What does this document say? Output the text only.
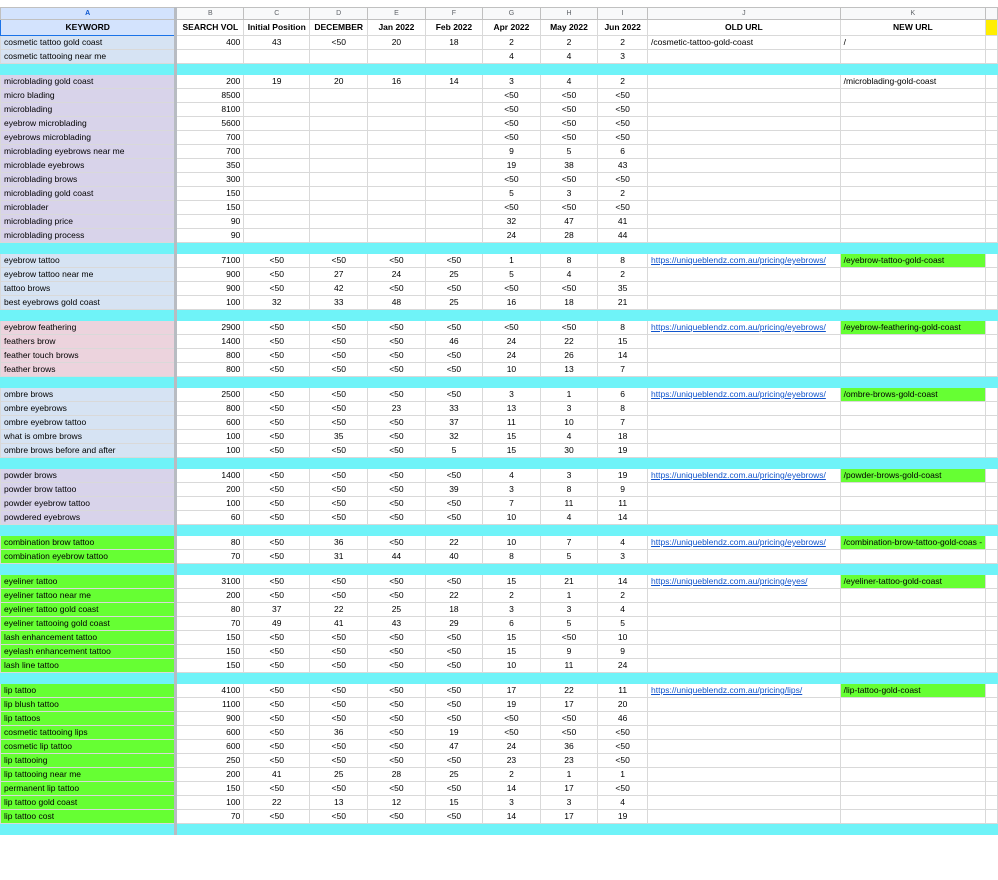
A	B	C	D	E	F	G	H	I	J	K	
KEYWORD	SEARCH VOL	Initial Position	DECEMBER	Jan 2022	Feb 2022	Apr 2022	May 2022	Jun 2022	OLD URL	NEW URL	
cosmetic tattoo gold coast	400	43	<50	20	18	2	2	2	/cosmetic-tattoo-gold-coast	/	
cosmetic tattooing near me						4	4	3			

microblading gold coast	200	19	20	16	14	3	4	2		/microblading-gold-coast	
micro blading	8500					<50	<50	<50			
microblading	8100					<50	<50	<50			
eyebrow microblading	5600					<50	<50	<50			
eyebrows microblading	700					<50	<50	<50			
microblading eyebrows near me	700					9	5	6			
microblade eyebrows	350					19	38	43			
microblading brows	300					<50	<50	<50			
microblading gold coast	150					5	3	2			
microblader	150					<50	<50	<50			
microblading price	90					32	47	41			
microblading process	90					24	28	44			

eyebrow tattoo	7100	<50	<50	<50	<50	1	8	8	https://uniqueblendz.com.au/pricing/eyebrows/	/eyebrow-tattoo-gold-coast	
eyebrow tattoo near me	900	<50	27	24	25	5	4	2			
tattoo brows	900	<50	42	<50	<50	<50	<50	35			
best eyebrows gold coast	100	32	33	48	25	16	18	21			

eyebrow feathering	2900	<50	<50	<50	<50	<50	<50	8	https://uniqueblendz.com.au/pricing/eyebrows/	/eyebrow-feathering-gold-coast	
feathers brow	1400	<50	<50	<50	46	24	22	15			
feather touch brows	800	<50	<50	<50	<50	24	26	14			
feather brows	800	<50	<50	<50	<50	10	13	7			

ombre brows	2500	<50	<50	<50	<50	3	1	6	https://uniqueblendz.com.au/pricing/eyebrows/	/ombre-brows-gold-coast	
ombre eyebrows	800	<50	<50	23	33	13	3	8			
ombre eyebrow tattoo	600	<50	<50	<50	37	11	10	7			
what is ombre brows	100	<50	35	<50	32	15	4	18			
ombre brows before and after	100	<50	<50	<50	5	15	30	19			

powder brows	1400	<50	<50	<50	<50	4	3	19	https://uniqueblendz.com.au/pricing/eyebrows/	/powder-brows-gold-coast	
powder brow tattoo	200	<50	<50	<50	39	3	8	9			
powder eyebrow tattoo	100	<50	<50	<50	<50	7	11	11			
powdered eyebrows	60	<50	<50	<50	<50	10	4	14			

combination brow tattoo	80	<50	36	<50	22	10	7	4	https://uniqueblendz.com.au/pricing/eyebrows/	/combination-brow-tattoo-gold-coas -	
combination eyebrow tattoo	70	<50	31	44	40	8	5	3			

eyeliner tattoo	3100	<50	<50	<50	<50	15	21	14	https://uniqueblendz.com.au/pricing/eyes/	/eyeliner-tattoo-gold-coast	
eyeliner tattoo near me	200	<50	<50	<50	22	2	1	2			
eyeliner tattoo gold coast	80	37	22	25	18	3	3	4			
eyeliner tattooing gold coast	70	49	41	43	29	6	5	5			
lash enhancement tattoo	150	<50	<50	<50	<50	15	<50	10			
eyelash enhancement tattoo	150	<50	<50	<50	<50	15	9	9			
lash line tattoo	150	<50	<50	<50	<50	10	11	24			

lip tattoo	4100	<50	<50	<50	<50	17	22	11	https://uniqueblendz.com.au/pricing/lips/	/lip-tattoo-gold-coast	
lip blush tattoo	1100	<50	<50	<50	<50	19	17	20			
lip tattoos	900	<50	<50	<50	<50	<50	<50	46			
cosmetic tattooing lips	600	<50	36	<50	19	<50	<50	<50			
cosmetic lip tattoo	600	<50	<50	<50	47	24	36	<50			
lip tattooing	250	<50	<50	<50	<50	23	23	<50			
lip tattooing near me	200	41	25	28	25	2	1	1			
permanent lip tattoo	150	<50	<50	<50	<50	14	17	<50			
lip tattoo gold coast	100	22	13	12	15	3	3	4			
lip tattoo cost	70	<50	<50	<50	<50	14	17	19			
